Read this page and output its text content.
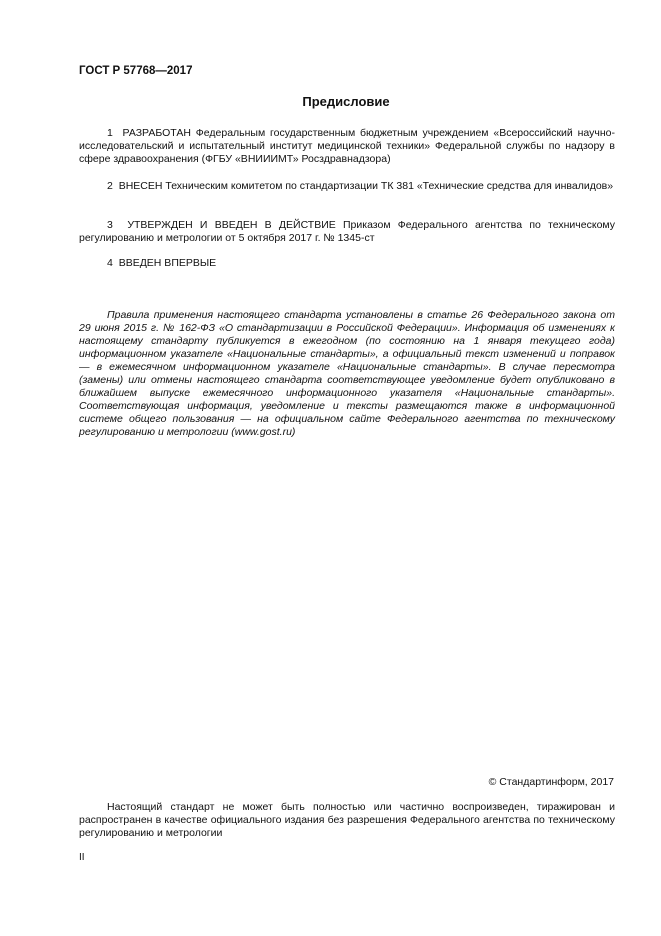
ГОСТ Р 57768—2017
Предисловие
1 РАЗРАБОТАН Федеральным государственным бюджетным учреждением «Всероссийский научно-исследовательский и испытательный институт медицинской техники» Федеральной службы по надзору в сфере здравоохранения (ФГБУ «ВНИИИМТ» Росздравнадзора)
2 ВНЕСЕН Техническим комитетом по стандартизации ТК 381 «Технические средства для инвалидов»
3 УТВЕРЖДЕН И ВВЕДЕН В ДЕЙСТВИЕ Приказом Федерального агентства по техническому регулированию и метрологии от 5 октября 2017 г. № 1345-ст
4 ВВЕДЕН ВПЕРВЫЕ
Правила применения настоящего стандарта установлены в статье 26 Федерального закона от 29 июня 2015 г. № 162-ФЗ «О стандартизации в Российской Федерации». Информация об изменениях к настоящему стандарту публикуется в ежегодном (по состоянию на 1 января текущего года) информационном указателе «Национальные стандарты», а официальный текст изменений и поправок — в ежемесячном информационном указателе «Национальные стандарты». В случае пересмотра (замены) или отмены настоящего стандарта соответствующее уведомление будет опубликовано в ближайшем выпуске ежемесячного информационного указателя «Национальные стандарты». Соответствующая информация, уведомление и тексты размещаются также в информационной системе общего пользования — на официальном сайте Федерального агентства по техническому регулированию и метрологии (www.gost.ru)
© Стандартинформ, 2017
Настоящий стандарт не может быть полностью или частично воспроизведен, тиражирован и распространен в качестве официального издания без разрешения Федерального агентства по техническому регулированию и метрологии
II
